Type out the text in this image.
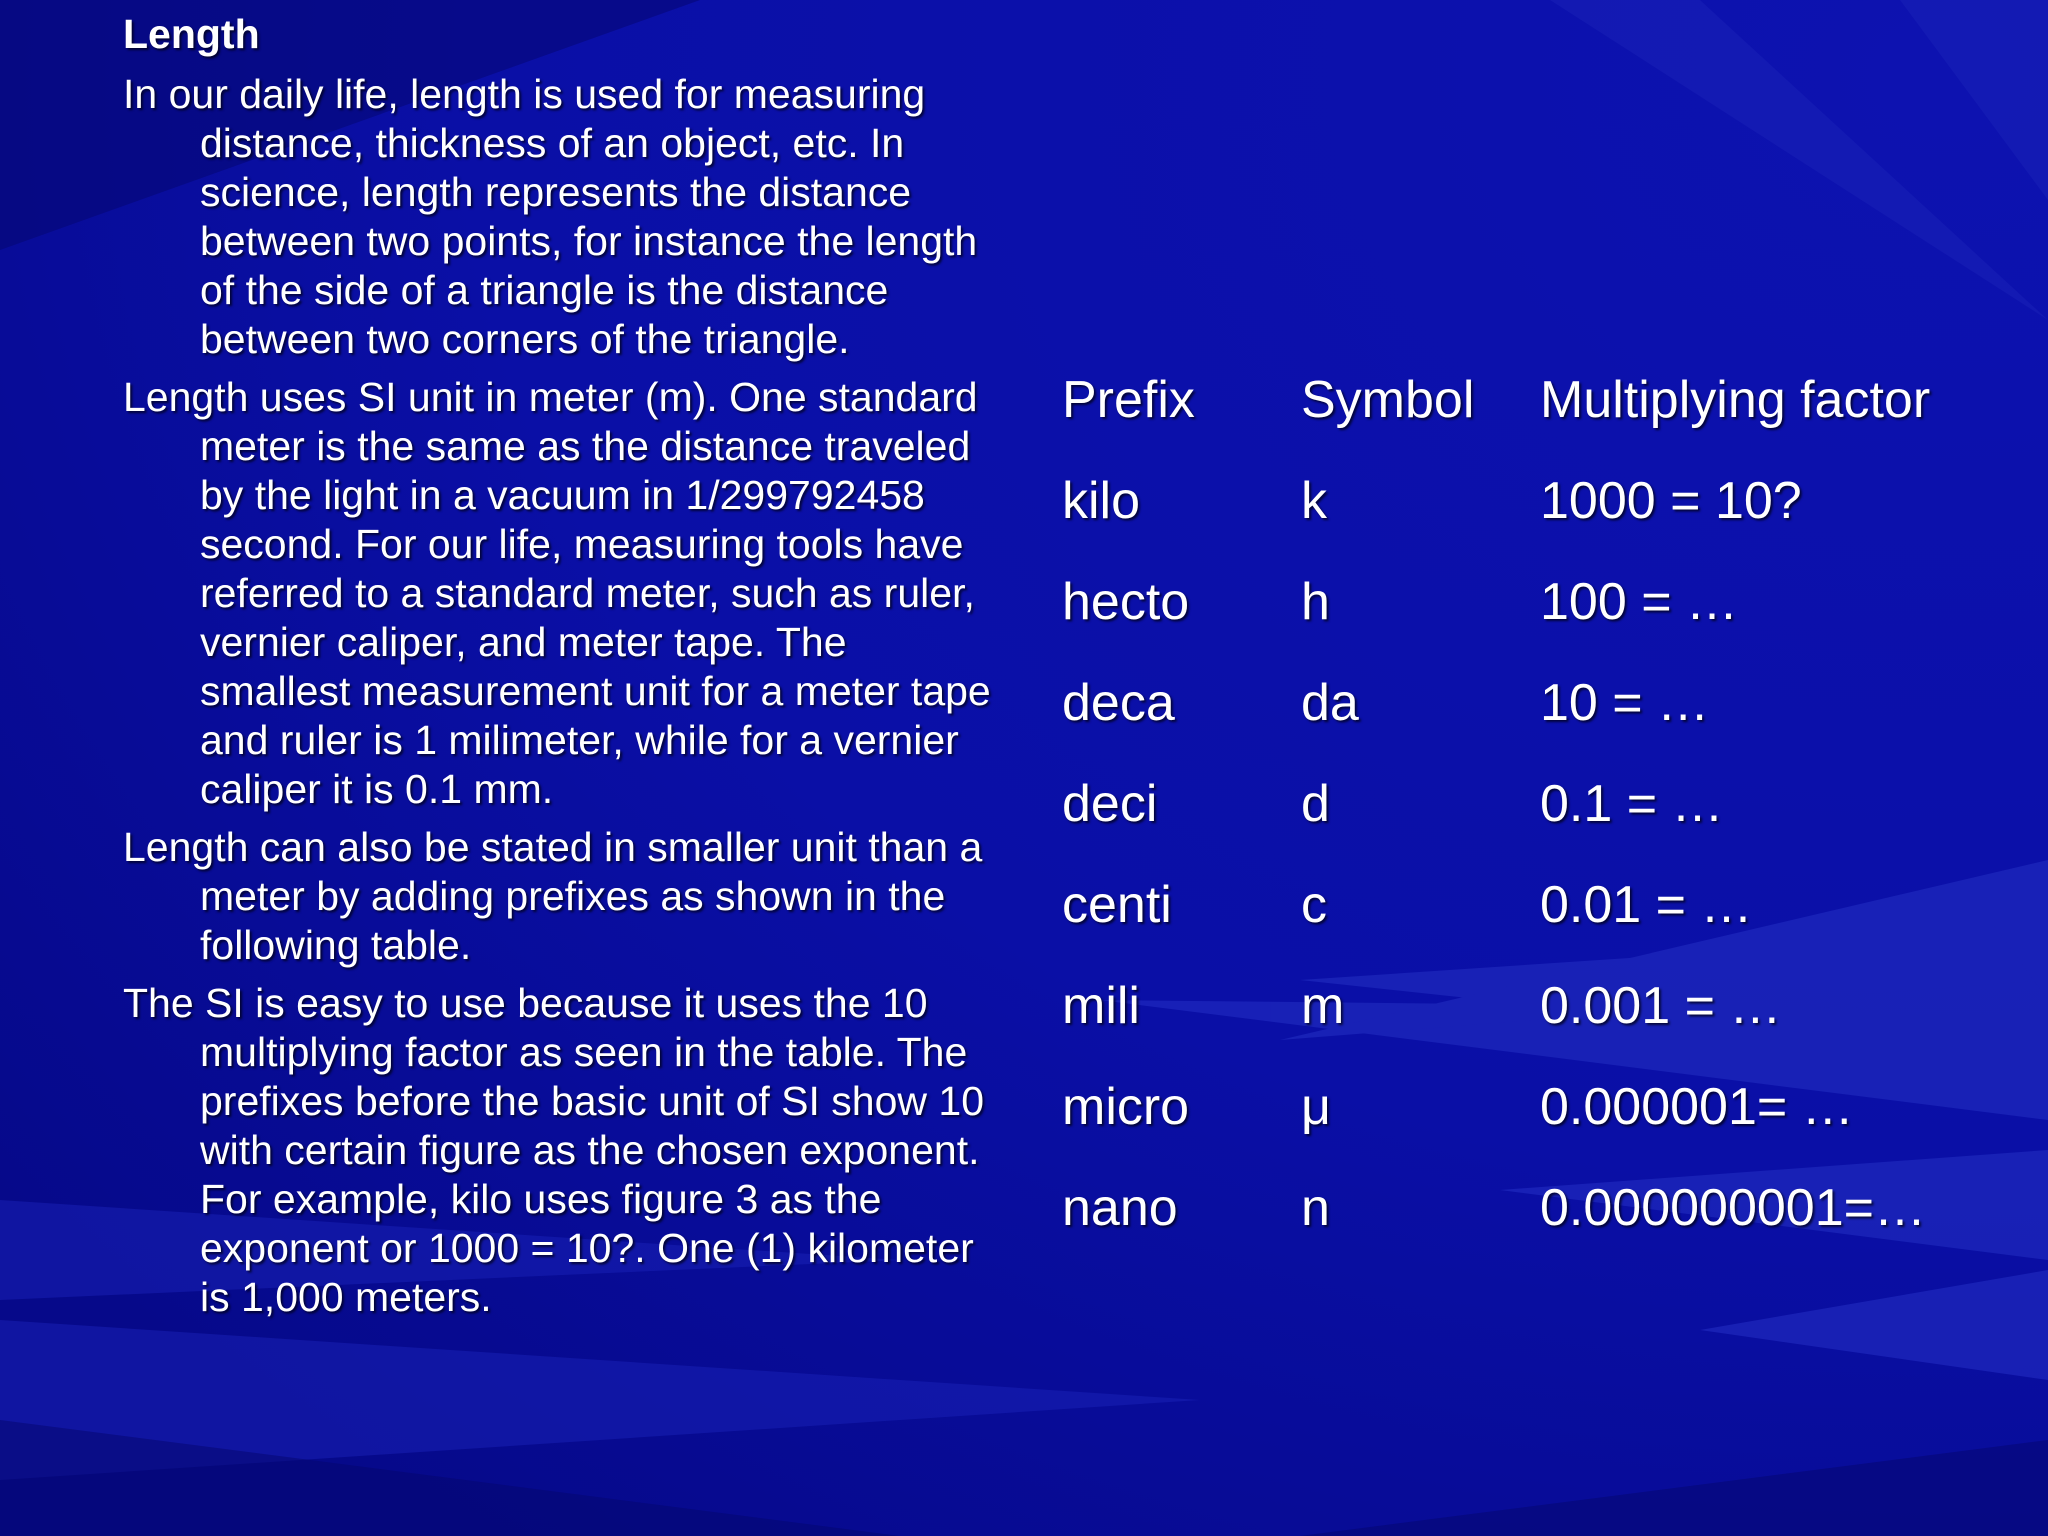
Length
In our daily life, length is used for measuring distance, thickness of an object, etc. In science, length represents the distance between two points, for instance the length of the side of a triangle is the distance between two corners of the triangle.
Length uses SI unit in meter (m). One standard meter is the same as the distance traveled by the light in a vacuum in 1/299792458 second. For our life, measuring tools have referred to a standard meter, such as ruler, vernier caliper, and meter tape. The smallest measurement unit for a meter tape and ruler is 1 milimeter, while for a vernier caliper it is 0.1 mm.
Length can also be stated in smaller unit than a meter by adding prefixes as shown in the following table.
The SI is easy to use because it uses the 10 multiplying factor as seen in the table. The prefixes before the basic unit of SI show 10 with certain figure as the chosen exponent. For example, kilo uses figure 3 as the exponent or 1000 = 10?. One (1) kilometer is 1,000 meters.
Prefix Symbol Multiplying factor
kilo	k	1000 = 10?
hecto h	100 = …
deca da	10 = …
deci	d	0.1 = …
centi c	0.01 = …
mili	m	0.001 = …
micro μ	0.000001= …
nano n	0.000000001=…
